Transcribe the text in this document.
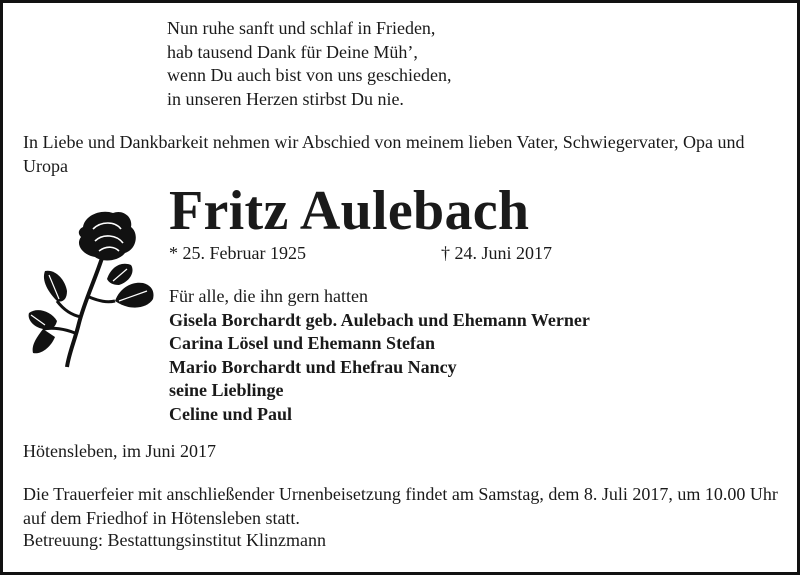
Nun ruhe sanft und schlaf in Frieden,
hab tausend Dank für Deine Müh’,
wenn Du auch bist von uns geschieden,
in unseren Herzen stirbst Du nie.
In Liebe und Dankbarkeit nehmen wir Abschied von meinem lieben Vater, Schwiegervater, Opa und Uropa
Fritz Aulebach
* 25. Februar 1925	† 24. Juni 2017
Für alle, die ihn gern hatten
Gisela Borchardt geb. Aulebach und Ehemann Werner
Carina Lösel und Ehemann Stefan
Mario Borchardt und Ehefrau Nancy
seine Lieblinge
Celine und Paul
Hötensleben, im Juni 2017
Die Trauerfeier mit anschließender Urnenbeisetzung findet am Samstag, dem 8. Juli 2017, um 10.00 Uhr auf dem Friedhof in Hötensleben statt.
Betreuung: Bestattungsinstitut Klinzmann
